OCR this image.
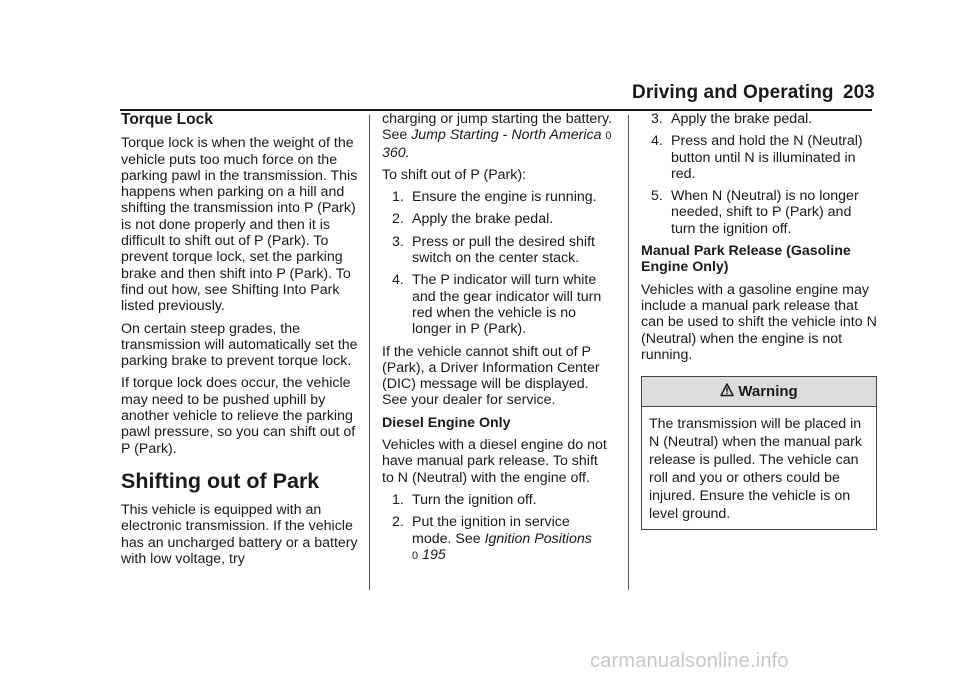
Driving and Operating 203
Torque Lock

Torque lock is when the weight of the vehicle puts too much force on the parking pawl in the transmission. This happens when parking on a hill and shifting the transmission into P (Park) is not done properly and then it is difficult to shift out of P (Park). To prevent torque lock, set the parking brake and then shift into P (Park). To find out how, see Shifting Into Park listed previously.

On certain steep grades, the transmission will automatically set the parking brake to prevent torque lock.

If torque lock does occur, the vehicle may need to be pushed uphill by another vehicle to relieve the parking pawl pressure, so you can shift out of P (Park).

Shifting out of Park

This vehicle is equipped with an electronic transmission. If the vehicle has an uncharged battery or a battery with low voltage, try

charging or jump starting the battery. See Jump Starting - North America 0 360.

To shift out of P (Park):

1. Ensure the engine is running.
2. Apply the brake pedal.
3. Press or pull the desired shift switch on the center stack.
4. The P indicator will turn white and the gear indicator will turn red when the vehicle is no longer in P (Park).

If the vehicle cannot shift out of P (Park), a Driver Information Center (DIC) message will be displayed. See your dealer for service.

Diesel Engine Only

Vehicles with a diesel engine do not have manual park release. To shift to N (Neutral) with the engine off.

1. Turn the ignition off.
2. Put the ignition in service mode. See Ignition Positions
0 195
3. Apply the brake pedal.
4. Press and hold the N (Neutral) button until N is illuminated in red.
5. When N (Neutral) is no longer needed, shift to P (Park) and turn the ignition off.
Manual Park Release (Gasoline Engine Only)

Vehicles with a gasoline engine may include a manual park release that can be used to shift the vehicle into N (Neutral) when the engine is not running.

Warning
The transmission will be placed in N (Neutral) when the manual park release is pulled. The vehicle can roll and you or others could be injured. Ensure the vehicle is on level ground.
carmanualsonline.info
